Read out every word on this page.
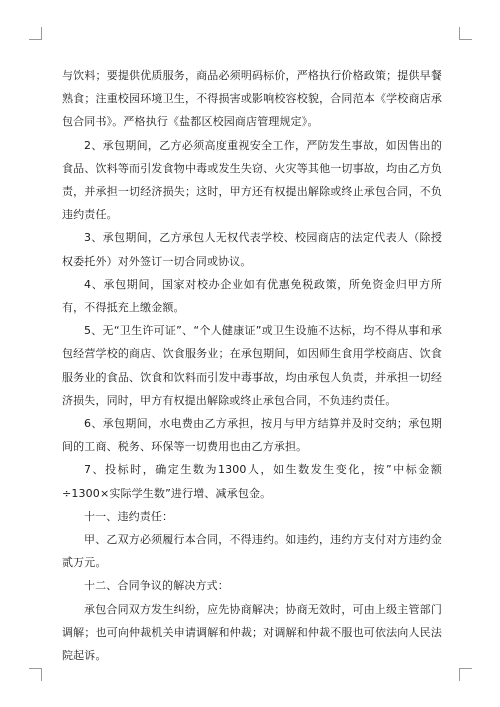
与饮料；要提供优质服务，商品必须明码标价，严格执行价格政策；提供早餐熟食；注重校园环境卫生，不得损害或影响校容校貌，合同范本《学校商店承包合同书》。严格执行《盐都区校园商店管理规定》。

2、承包期间，乙方必须高度重视安全工作，严防发生事故，如因售出的食品、饮料等而引发食物中毒或发生失窃、火灾等其他一切事故，均由乙方负责，并承担一切经济损失；这时，甲方还有权提出解除或终止承包合同，不负违约责任。

3、承包期间，乙方承包人无权代表学校、校园商店的法定代表人（除授权委托外）对外签订一切合同或协议。

4、承包期间，国家对校办企业如有优惠免税政策，所免资金归甲方所有，不得抵充上缴金额。

5、无“卫生许可证”、“个人健康证”或卫生设施不达标，均不得从事和承包经营学校的商店、饮食服务业；在承包期间，如因师生食用学校商店、饮食服务业的食品、饮食和饮料而引发中毒事故，均由承包人负责，并承担一切经济损失，同时，甲方有权提出解除或终止承包合同，不负违约责任。

6、承包期间，水电费由乙方承担，按月与甲方结算并及时交纳；承包期间的工商、税务、环保等一切费用也由乙方承担。

7、投标时，确定生数为1300人，如生数发生变化，按”中标金额÷1300×实际学生数”进行增、减承包金。

十一、违约责任：

甲、乙双方必须履行本合同，不得违约。如违约，违约方支付对方违约金贰万元。

十二、合同争议的解决方式：

承包合同双方发生纠纷，应先协商解决；协商无效时，可由上级主管部门调解；也可向仲裁机关申请调解和仲裁；对调解和仲裁不服也可依法向人民法院起诉。
